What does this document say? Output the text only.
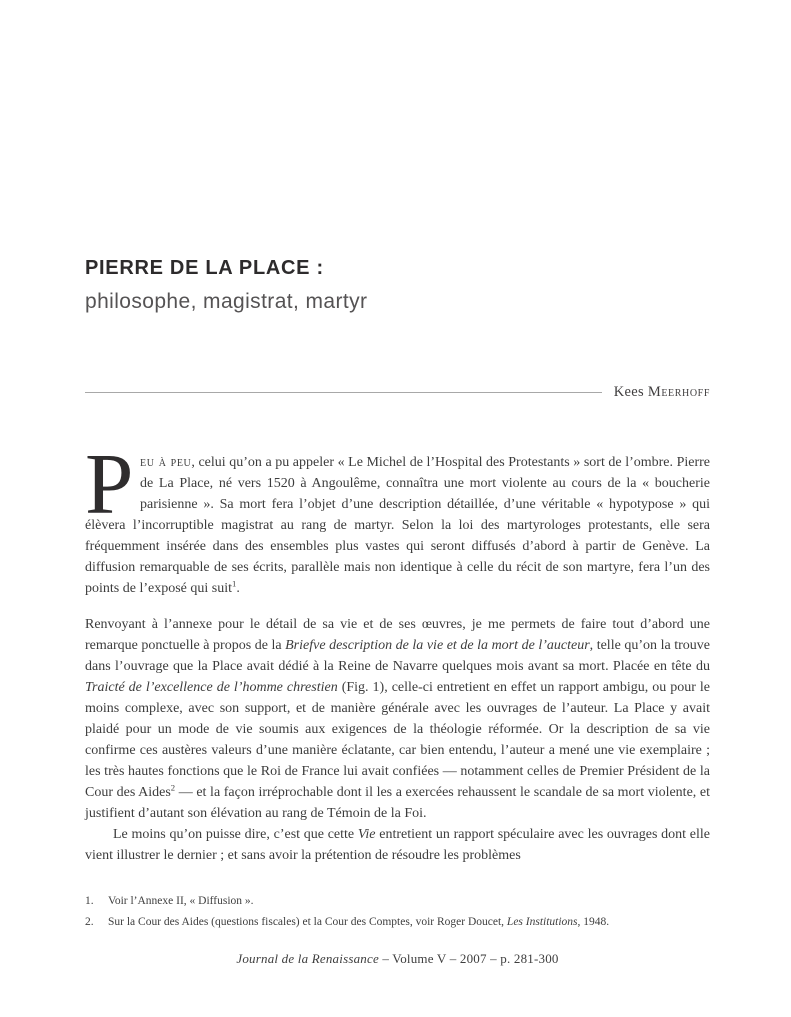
PIERRE DE LA PLACE :
philosophe, magistrat, martyr
Kees Meerhoff

Peu à peu, celui qu’on a pu appeler « Le Michel de l’Hospital des Protestants » sort de l’ombre. Pierre de La Place, né vers 1520 à Angoulême, connaîtra une mort violente au cours de la « boucherie parisienne ». Sa mort fera l’objet d’une description détaillée, d’une véritable « hypotypose » qui élèvera l’incorruptible magistrat au rang de martyr. Selon la loi des martyrologes protestants, elle sera fréquemment insérée dans des ensembles plus vastes qui seront diffusés d’abord à partir de Genève. La diffusion remarquable de ses écrits, parallèle mais non identique à celle du récit de son martyre, fera l’un des points de l’exposé qui suit$^1$.

Renvoyant à l’annexe pour le détail de sa vie et de ses œuvres, je me permets de faire tout d’abord une remarque ponctuelle à propos de la Briefve description de la vie et de la mort de l’aucteur, telle qu’on la trouve dans l’ouvrage que la Place avait dédié à la Reine de Navarre quelques mois avant sa mort. Placée en tête du Traicté de l’excellence de l’homme chrestien (Fig. 1), celle-ci entretient en effet un rapport ambigu, ou pour le moins complexe, avec son support, et de manière générale avec les ouvrages de l’auteur. La Place y avait plaidé pour un mode de vie soumis aux exigences de la théologie réformée. Or la description de sa vie confirme ces austères valeurs d’une manière éclatante, car bien entendu, l’auteur a mené une vie exemplaire ; les très hautes fonctions que le Roi de France lui avait confiées — notamment celles de Premier Président de la Cour des Aides$^2$ — et la façon irréprochable dont il les a exercées rehaussent le scandale de sa mort violente, et justifient d’autant son élévation au rang de Témoin de la Foi.

Le moins qu’on puisse dire, c’est que cette Vie entretient un rapport spéculaire avec les ouvrages dont elle vient illustrer le dernier ; et sans avoir la prétention de résoudre les problèmes

1.	Voir l’Annexe II, « Diffusion ».
2.	Sur la Cour des Aides (questions fiscales) et la Cour des Comptes, voir Roger Doucet, Les Institutions, 1948.
Journal de la Renaissance – Volume V – 2007 – p. 281-300
